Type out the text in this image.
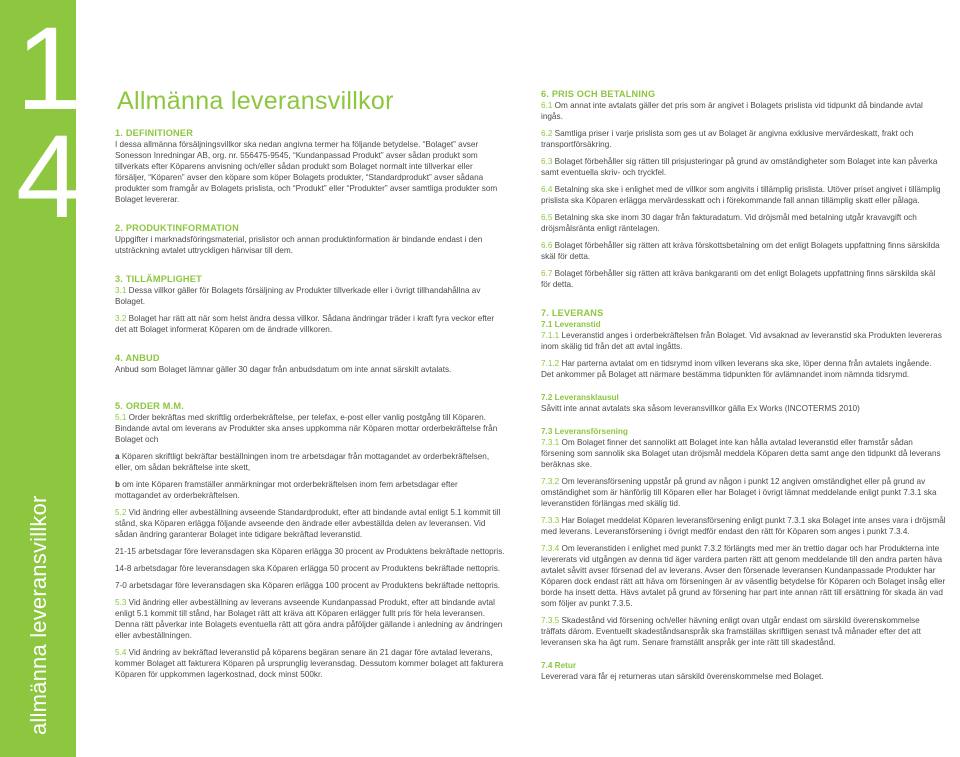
1
4
allmänna leveransvillkor
Allmänna leveransvillkor
1. DEFINITIONER

I dessa allmänna försäljningsvillkor ska nedan angivna termer ha följande betydelse. “Bolaget” avser Sonesson Inredningar AB, org. nr. 556475-9545, “Kundanpassad Produkt” avser sådan produkt som tillverkats efter Köparens anvisning och/eller sådan produkt som Bolaget normalt inte tillverkar eller försäljer, “Köparen” avser den köpare som köper Bolagets produkter, “Standardprodukt” avser sådana produkter som framgår av Bolagets prislista, och “Produkt” eller “Produkter” avser samtliga produkter som Bolaget levererar.

2. PRODUKTINFORMATION

Uppgifter i marknadsföringsmaterial, prislistor och annan produktinformation är bindande endast i den utsträckning avtalet uttryckligen hänvisar till dem.

3. TILLÄMPLIGHET

3.1 Dessa villkor gäller för Bolagets försäljning av Produkter tillverkade eller i övrigt tillhandahållna av Bolaget.

3.2 Bolaget har rätt att när som helst ändra dessa villkor. Sådana ändringar träder i kraft fyra veckor efter det att Bolaget informerat Köparen om de ändrade villkoren.

4. ANBUD

Anbud som Bolaget lämnar gäller 30 dagar från anbudsdatum om inte annat särskilt avtalats.

5. ORDER M.M.

5.1 Order bekräftas med skriftlig orderbekräftelse, per telefax, e-post eller vanlig postgång till Köparen. Bindande avtal om leverans av Produkter ska anses uppkomma när Köparen mottar orderbekräftelse från Bolaget och

a Köparen skriftligt bekräftar beställningen inom tre arbetsdagar från mottagandet av orderbekräftelsen, eller, om sådan bekräftelse inte skett,

b om inte Köparen framställer anmärkningar mot orderbekräftelsen inom fem arbetsdagar efter mottagandet av orderbekräftelsen.

5.2 Vid ändring eller avbeställning avseende Standardprodukt, efter att bindande avtal enligt 5.1 kommit till stånd, ska Köparen erlägga följande avseende den ändrade eller avbeställda delen av leveransen. Vid sådan ändring garanterar Bolaget inte tidigare bekräftad leveranstid.

21-15 arbetsdagar före leveransdagen ska Köparen erlägga 30 procent av Produktens bekräftade nettopris.

14-8 arbetsdagar före leveransdagen ska Köparen erlägga 50 procent av Produktens bekräftade nettopris.

7-0 arbetsdagar före leveransdagen ska Köparen erlägga 100 procent av Produktens bekräftade nettopris.

5.3 Vid ändring eller avbeställning av leverans avseende Kundanpassad Produkt, efter att bindande avtal enligt 5.1 kommit till stånd, har Bolaget rätt att kräva att Köparen erlägger fullt pris för hela leveransen. Denna rätt påverkar inte Bolagets eventuella rätt att göra andra påföljder gällande i anledning av ändringen eller avbeställningen.

5.4 Vid ändring av bekräftad leveranstid på köparens begäran senare än 21 dagar före avtalad leverans, kommer Bolaget att fakturera Köparen på ursprunglig leveransdag. Dessutom kommer bolaget att fakturera Köparen för uppkommen lagerkostnad, dock minst 500kr.

6. PRIS OCH BETALNING

6.1 Om annat inte avtalats gäller det pris som är angivet i Bolagets prislista vid tidpunkt då bindande avtal ingås.

6.2 Samtliga priser i varje prislista som ges ut av Bolaget är angivna exklusive mervärdeskatt, frakt och transportförsäkring.

6.3 Bolaget förbehåller sig rätten till prisjusteringar på grund av omständigheter som Bolaget inte kan påverka samt eventuella skriv- och tryckfel.

6.4 Betalning ska ske i enlighet med de villkor som angivits i tillämplig prislista. Utöver priset angivet i tillämplig prislista ska Köparen erlägga mervärdesskatt och i förekommande fall annan tillämplig skatt eller pålaga.

6.5 Betalning ska ske inom 30 dagar från fakturadatum. Vid dröjsmål med betalning utgår kravavgift och dröjsmålsränta enligt räntelagen.

6.6 Bolaget förbehåller sig rätten att kräva förskottsbetalning om det enligt Bolagets uppfattning finns särskilda skäl för detta.

6.7 Bolaget förbehåller sig rätten att kräva bankgaranti om det enligt Bolagets uppfattning finns särskilda skäl för detta.

7. LEVERANS
7.1 Leveranstid

7.1.1 Leveranstid anges i orderbekräftelsen från Bolaget. Vid avsaknad av leveranstid ska Produkten levereras inom skälig tid från det att avtal ingåtts.

7.1.2 Har parterna avtalat om en tidsrymd inom vilken leverans ska ske, löper denna från avtalets ingående. Det ankommer på Bolaget att närmare bestämma tidpunkten för avlämnandet inom nämnda tidsrymd.

7.2 Leveransklausul

Såvitt inte annat avtalats ska såsom leveransvillkor gälla Ex Works (INCOTERMS 2010)

7.3 Leveransförsening

7.3.1 Om Bolaget finner det sannolikt att Bolaget inte kan hålla avtalad leveranstid eller framstår sådan försening som sannolik ska Bolaget utan dröjsmål meddela Köparen detta samt ange den tidpunkt då leverans beräknas ske.

7.3.2 Om leveransförsening uppstår på grund av någon i punkt 12 angiven omständighet eller på grund av omständighet som är hänförlig till Köparen eller har Bolaget i övrigt lämnat meddelande enligt punkt 7.3.1 ska leveranstiden förlängas med skälig tid.

7.3.3 Har Bolaget meddelat Köparen leveransförsening enligt punkt 7.3.1 ska Bolaget inte anses vara i dröjsmål med leverans. Leveransförsening i övrigt medför endast den rätt för Köparen som anges i punkt 7.3.4.

7.3.4 Om leveranstiden i enlighet med punkt 7.3.2 förlängts med mer än trettio dagar och har Produkterna inte levererats vid utgången av denna tid äger vardera parten rätt att genom meddelande till den andra parten häva avtalet såvitt avser försenad del av leverans. Avser den försenade leveransen Kundanpassade Produkter har Köparen dock endast rätt att häva om förseningen är av väsentlig betydelse för Köparen och Bolaget insåg eller borde ha insett detta. Hävs avtalet på grund av försening har part inte annan rätt till ersättning för skada än vad som följer av punkt 7.3.5.

7.3.5 Skadestånd vid försening och/eller hävning enligt ovan utgår endast om särskild överenskommelse träffats därom. Eventuellt skadeståndsanspråk ska framställas skriftligen senast två månader efter det att leveransen ska ha ägt rum. Senare framställt anspråk ger inte rätt till skadestånd.

7.4 Retur

Levererad vara får ej returneras utan särskild överenskommelse med Bolaget.
